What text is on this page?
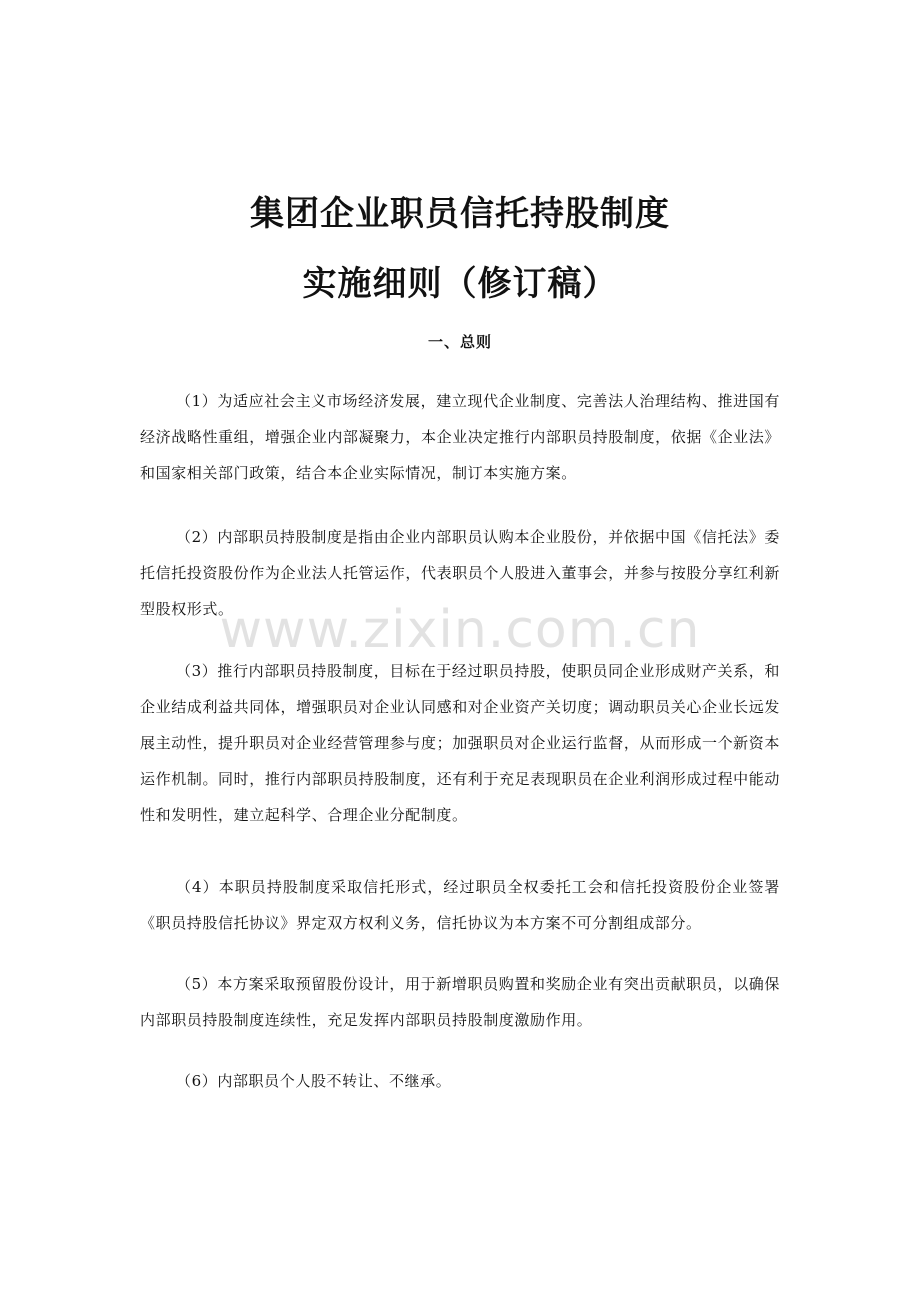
集团企业职员信托持股制度
实施细则（修订稿）
一、总则

（1）为适应社会主义市场经济发展，建立现代企业制度、完善法人治理结构、推进国有经济战略性重组，增强企业内部凝聚力，本企业决定推行内部职员持股制度，依据《企业法》和国家相关部门政策，结合本企业实际情况，制订本实施方案。

（2）内部职员持股制度是指由企业内部职员认购本企业股份，并依据中国《信托法》委托信托投资股份作为企业法人托管运作，代表职员个人股进入董事会，并参与按股分享红利新型股权形式。

（3）推行内部职员持股制度，目标在于经过职员持股，使职员同企业形成财产关系，和企业结成利益共同体，增强职员对企业认同感和对企业资产关切度；调动职员关心企业长远发展主动性，提升职员对企业经营管理参与度；加强职员对企业运行监督，从而形成一个新资本运作机制。同时，推行内部职员持股制度，还有利于充足表现职员在企业利润形成过程中能动性和发明性，建立起科学、合理企业分配制度。

（4）本职员持股制度采取信托形式，经过职员全权委托工会和信托投资股份企业签署《职员持股信托协议》界定双方权利义务，信托协议为本方案不可分割组成部分。

（5）本方案采取预留股份设计，用于新增职员购置和奖励企业有突出贡献职员，以确保内部职员持股制度连续性，充足发挥内部职员持股制度激励作用。

（6）内部职员个人股不转让、不继承。

www.zixin.com.cn
